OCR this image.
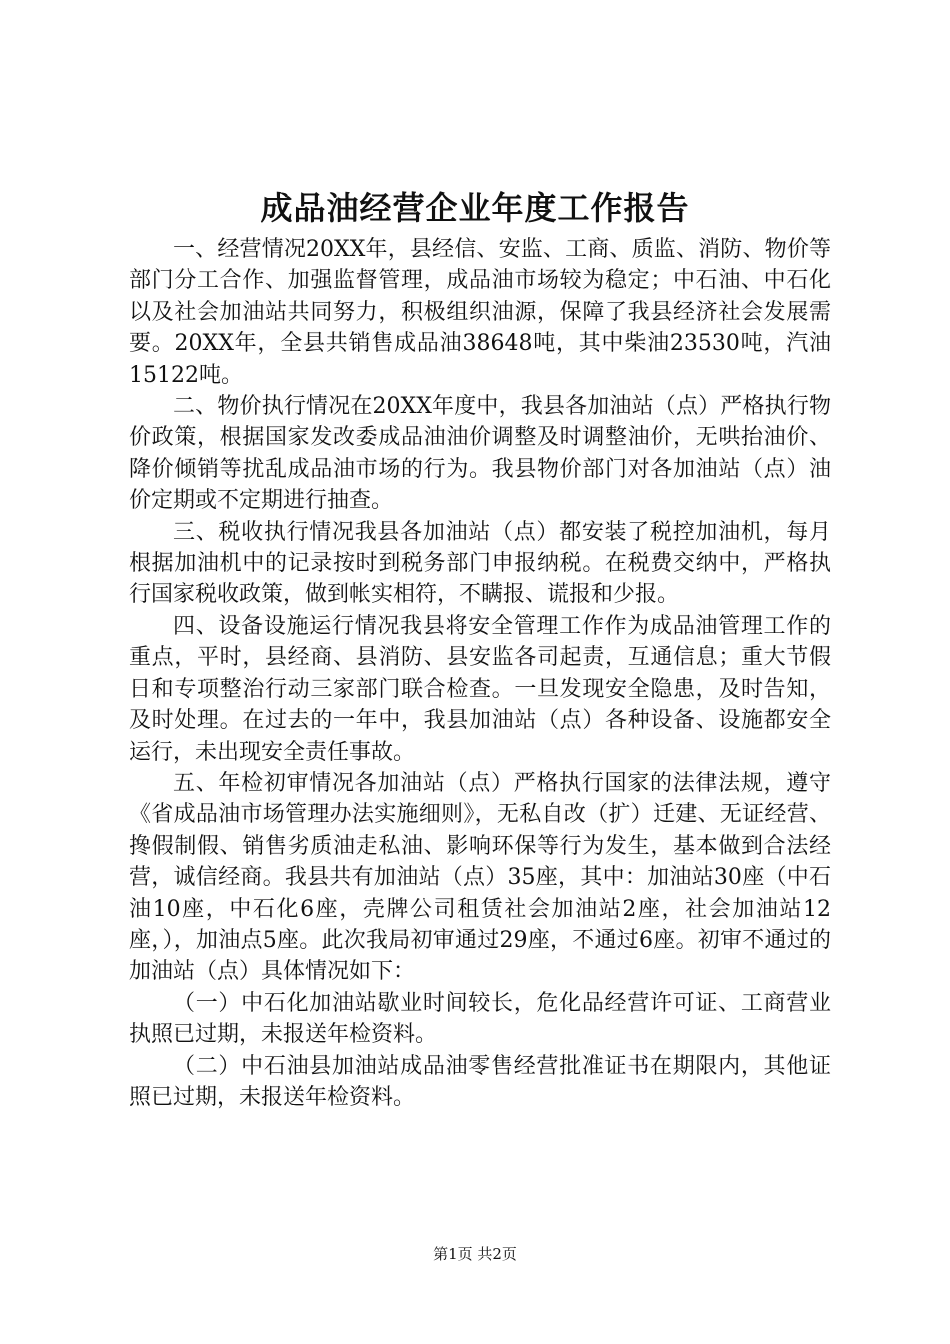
成品油经营企业年度工作报告

一、经营情况20XX年，县经信、安监、工商、质监、消防、物价等部门分工合作、加强监督管理，成品油市场较为稳定；中石油、中石化以及社会加油站共同努力，积极组织油源，保障了我县经济社会发展需要。20XX年，全县共销售成品油38648吨，其中柴油23530吨，汽油15122吨。

二、物价执行情况在20XX年度中，我县各加油站（点）严格执行物价政策，根据国家发改委成品油油价调整及时调整油价，无哄抬油价、降价倾销等扰乱成品油市场的行为。我县物价部门对各加油站（点）油价定期或不定期进行抽查。

三、税收执行情况我县各加油站（点）都安装了税控加油机，每月根据加油机中的记录按时到税务部门申报纳税。在税费交纳中，严格执行国家税收政策，做到帐实相符，不瞒报、谎报和少报。

四、设备设施运行情况我县将安全管理工作作为成品油管理工作的重点，平时，县经商、县消防、县安监各司起责，互通信息；重大节假日和专项整治行动三家部门联合检查。一旦发现安全隐患，及时告知，及时处理。在过去的一年中，我县加油站（点）各种设备、设施都安全运行，未出现安全责任事故。

五、年检初审情况各加油站（点）严格执行国家的法律法规，遵守《省成品油市场管理办法实施细则》，无私自改（扩）迁建、无证经营、搀假制假、销售劣质油走私油、影响环保等行为发生，基本做到合法经营，诚信经商。我县共有加油站（点）35座，其中：加油站30座（中石油10座，中石化6座，壳牌公司租赁社会加油站2座，社会加油站12座，），加油点5座。此次我局初审通过29座，不通过6座。初审不通过的加油站（点）具体情况如下：

（一）中石化加油站歇业时间较长，危化品经营许可证、工商营业执照已过期，未报送年检资料。

（二）中石油县加油站成品油零售经营批准证书在期限内，其他证照已过期，未报送年检资料。

第1页 共2页
